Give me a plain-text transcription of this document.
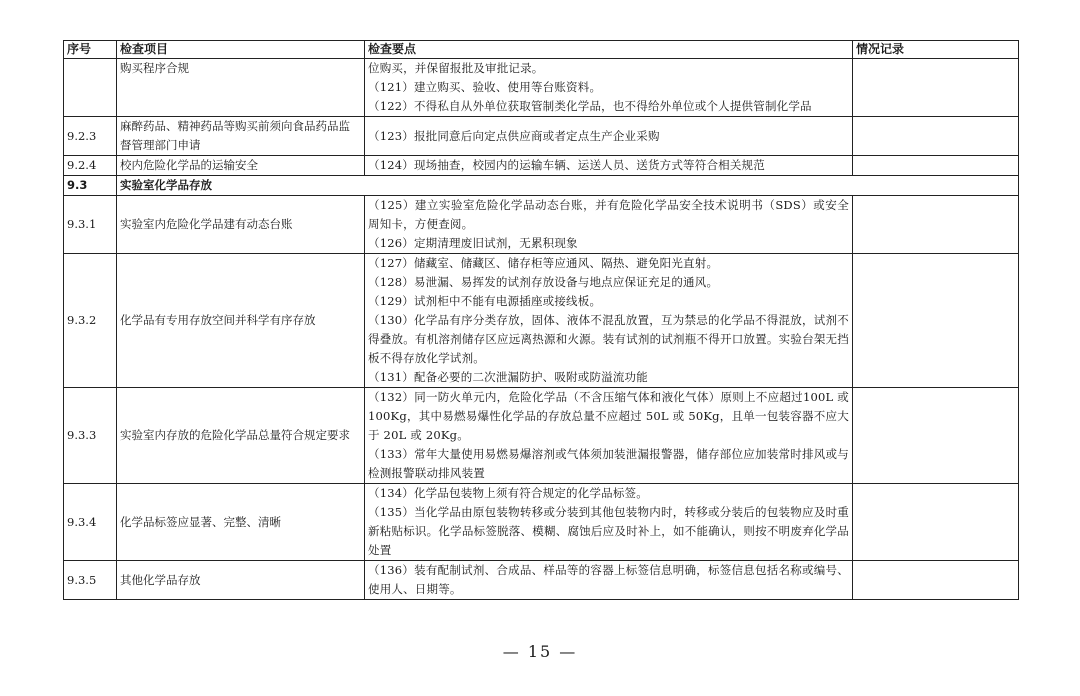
序号	检查项目	检查要点	情况记录
	购买程序合规	位购买，并保留报批及审批记录。
（121）建立购买、验收、使用等台账资料。
（122）不得私自从外单位获取管制类化学品，也不得给外单位或个人提供管制化学品	

9.2.3	麻醉药品、精神药品等购买前须向食品药品监督管理部门申请	（123）报批同意后向定点供应商或者定点生产企业采购	

9.2.4	校内危险化学品的运输安全	（124）现场抽查，校园内的运输车辆、运送人员、送货方式等符合相关规范	

9.3	实验室化学品存放		
9.3.1	实验室内危险化学品建有动态台账	（125）建立实验室危险化学品动态台账，并有危险化学品安全技术说明书（SDS）或安全周知卡，方便查阅。
（126）定期清理废旧试剂，无累积现象	

9.3.2	化学品有专用存放空间并科学有序存放	（127）储藏室、储藏区、储存柜等应通风、隔热、避免阳光直射。
（128）易泄漏、易挥发的试剂存放设备与地点应保证充足的通风。
（129）试剂柜中不能有电源插座或接线板。
（130）化学品有序分类存放，固体、液体不混乱放置，互为禁忌的化学品不得混放，试剂不得叠放。有机溶剂储存区应远离热源和火源。装有试剂的试剂瓶不得开口放置。实验台架无挡板不得存放化学试剂。
（131）配备必要的二次泄漏防护、吸附或防溢流功能	

9.3.3	实验室内存放的危险化学品总量符合规定要求	（132）同一防火单元内，危险化学品（不含压缩气体和液化气体）原则上不应超过100L 或 100Kg，其中易燃易爆性化学品的存放总量不应超过 50L 或 50Kg，且单一包装容器不应大于 20L 或 20Kg。
（133）常年大量使用易燃易爆溶剂或气体须加装泄漏报警器，储存部位应加装常时排风或与检测报警联动排风装置	

9.3.4	化学品标签应显著、完整、清晰	（134）化学品包装物上须有符合规定的化学品标签。
（135）当化学品由原包装物转移或分装到其他包装物内时，转移或分装后的包装物应及时重新粘贴标识。化学品标签脱落、模糊、腐蚀后应及时补上，如不能确认，则按不明废弃化学品处置	

9.3.5	其他化学品存放	（136）装有配制试剂、合成品、样品等的容器上标签信息明确，标签信息包括名称或编号、使用人、日期等。	

— 15 —
